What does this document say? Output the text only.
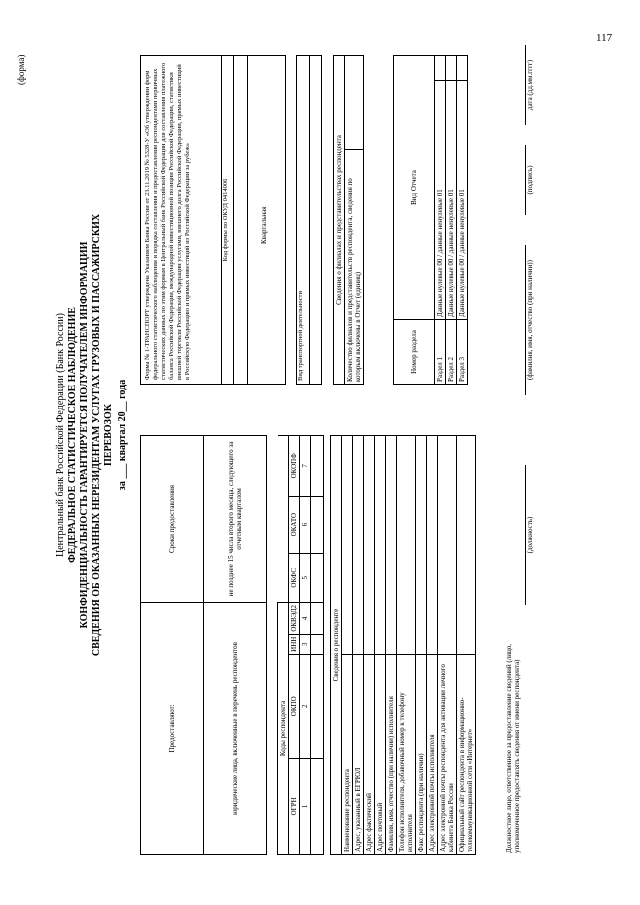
(форма)
Центральный банк Российской Федерации (Банк России) ФЕДЕРАЛЬНОЕ СТАТИСТИЧЕСКОЕ НАБЛЮДЕНИЕ КОНФИДЕНЦИАЛЬНОСТЬ ГАРАНТИРУЕТСЯ ПОЛУЧАТЕЛЕМ ИНФОРМАЦИИ СВЕДЕНИЯ ОБ ОКАЗАННЫХ НЕРЕЗИДЕНТАМ УСЛУГАХ ГРУЗОВЫХ И ПАССАЖИРСКИХ ПЕРЕВОЗОК за ___ квартал 20__ года
Предоставляют:				Сроки предоставления		
юридические лица, включенные в перечень респондентов				не позднее 15 числа второго месяца, следующего за отчетным кварталом		

Коды респондента						
ОГРН	ОКПО	ИНН	ОКВЭД2	ОКФС	ОКАТО	ОКОПФ
1	2	3	4	5	6	7

Сведения о респонденте						
Наименование респондента						
Адрес, указанный в ЕГРЮЛ						
Адрес фактический						
Адрес почтовый						
Фамилия, имя, отчество (при наличии) исполнителя						
Телефон исполнителя, добавочный номер к телефону исполнителя						
Факс респондента (при наличии)						
Адрес электронной почты исполнителя						
Адрес электронной почты респондента для активации личного кабинета Банка России						
Официальный сайт респондента в информационно-телекоммуникационной сети «Интернет»						
Форма № 1-ТРАНСПОРТ утверждена Указанием Банка России от 23.11.2019 № 5328-У «Об утверждении форм федерального статистического наблюдения и порядка составления и предоставления респондентами первичных статистических данных по этим формам в Центральный банк Российской Федерации для составления платежного баланса Российской Федерации, международной инвестиционной позиции Российской Федерации, статистики внешней торговли Российской Федерации услугами, внешнего долга Российской Федерации, прямых инвестиций в Российскую Федерацию и прямых инвестиций из Российской Федерации за рубеж»	Код формы по ОКУД 0414006	Квартальная
Вид транспортной деятельности
Сведения о филиалах и представительствах респондента
Количество филиалов и представительств респондента, сведения по которым включены в Отчет (единиц)		Номер раздела	Вид Отчета	
Раздел 1	Данные нулевые 00 / данные ненулевые 01	
Раздел 2	Данные нулевые 00 / данные ненулевые 01	
Раздел 3	Данные нулевые 00 / данные ненулевые 01	
Должностное лицо, ответственное за предоставление сведений (лицо, уполномоченное предоставлять сведения от имени респондента)
(должность)
(фамилия, имя, отчество (при наличии))
(подпись)
дата (дд.мм.гггг)
117
